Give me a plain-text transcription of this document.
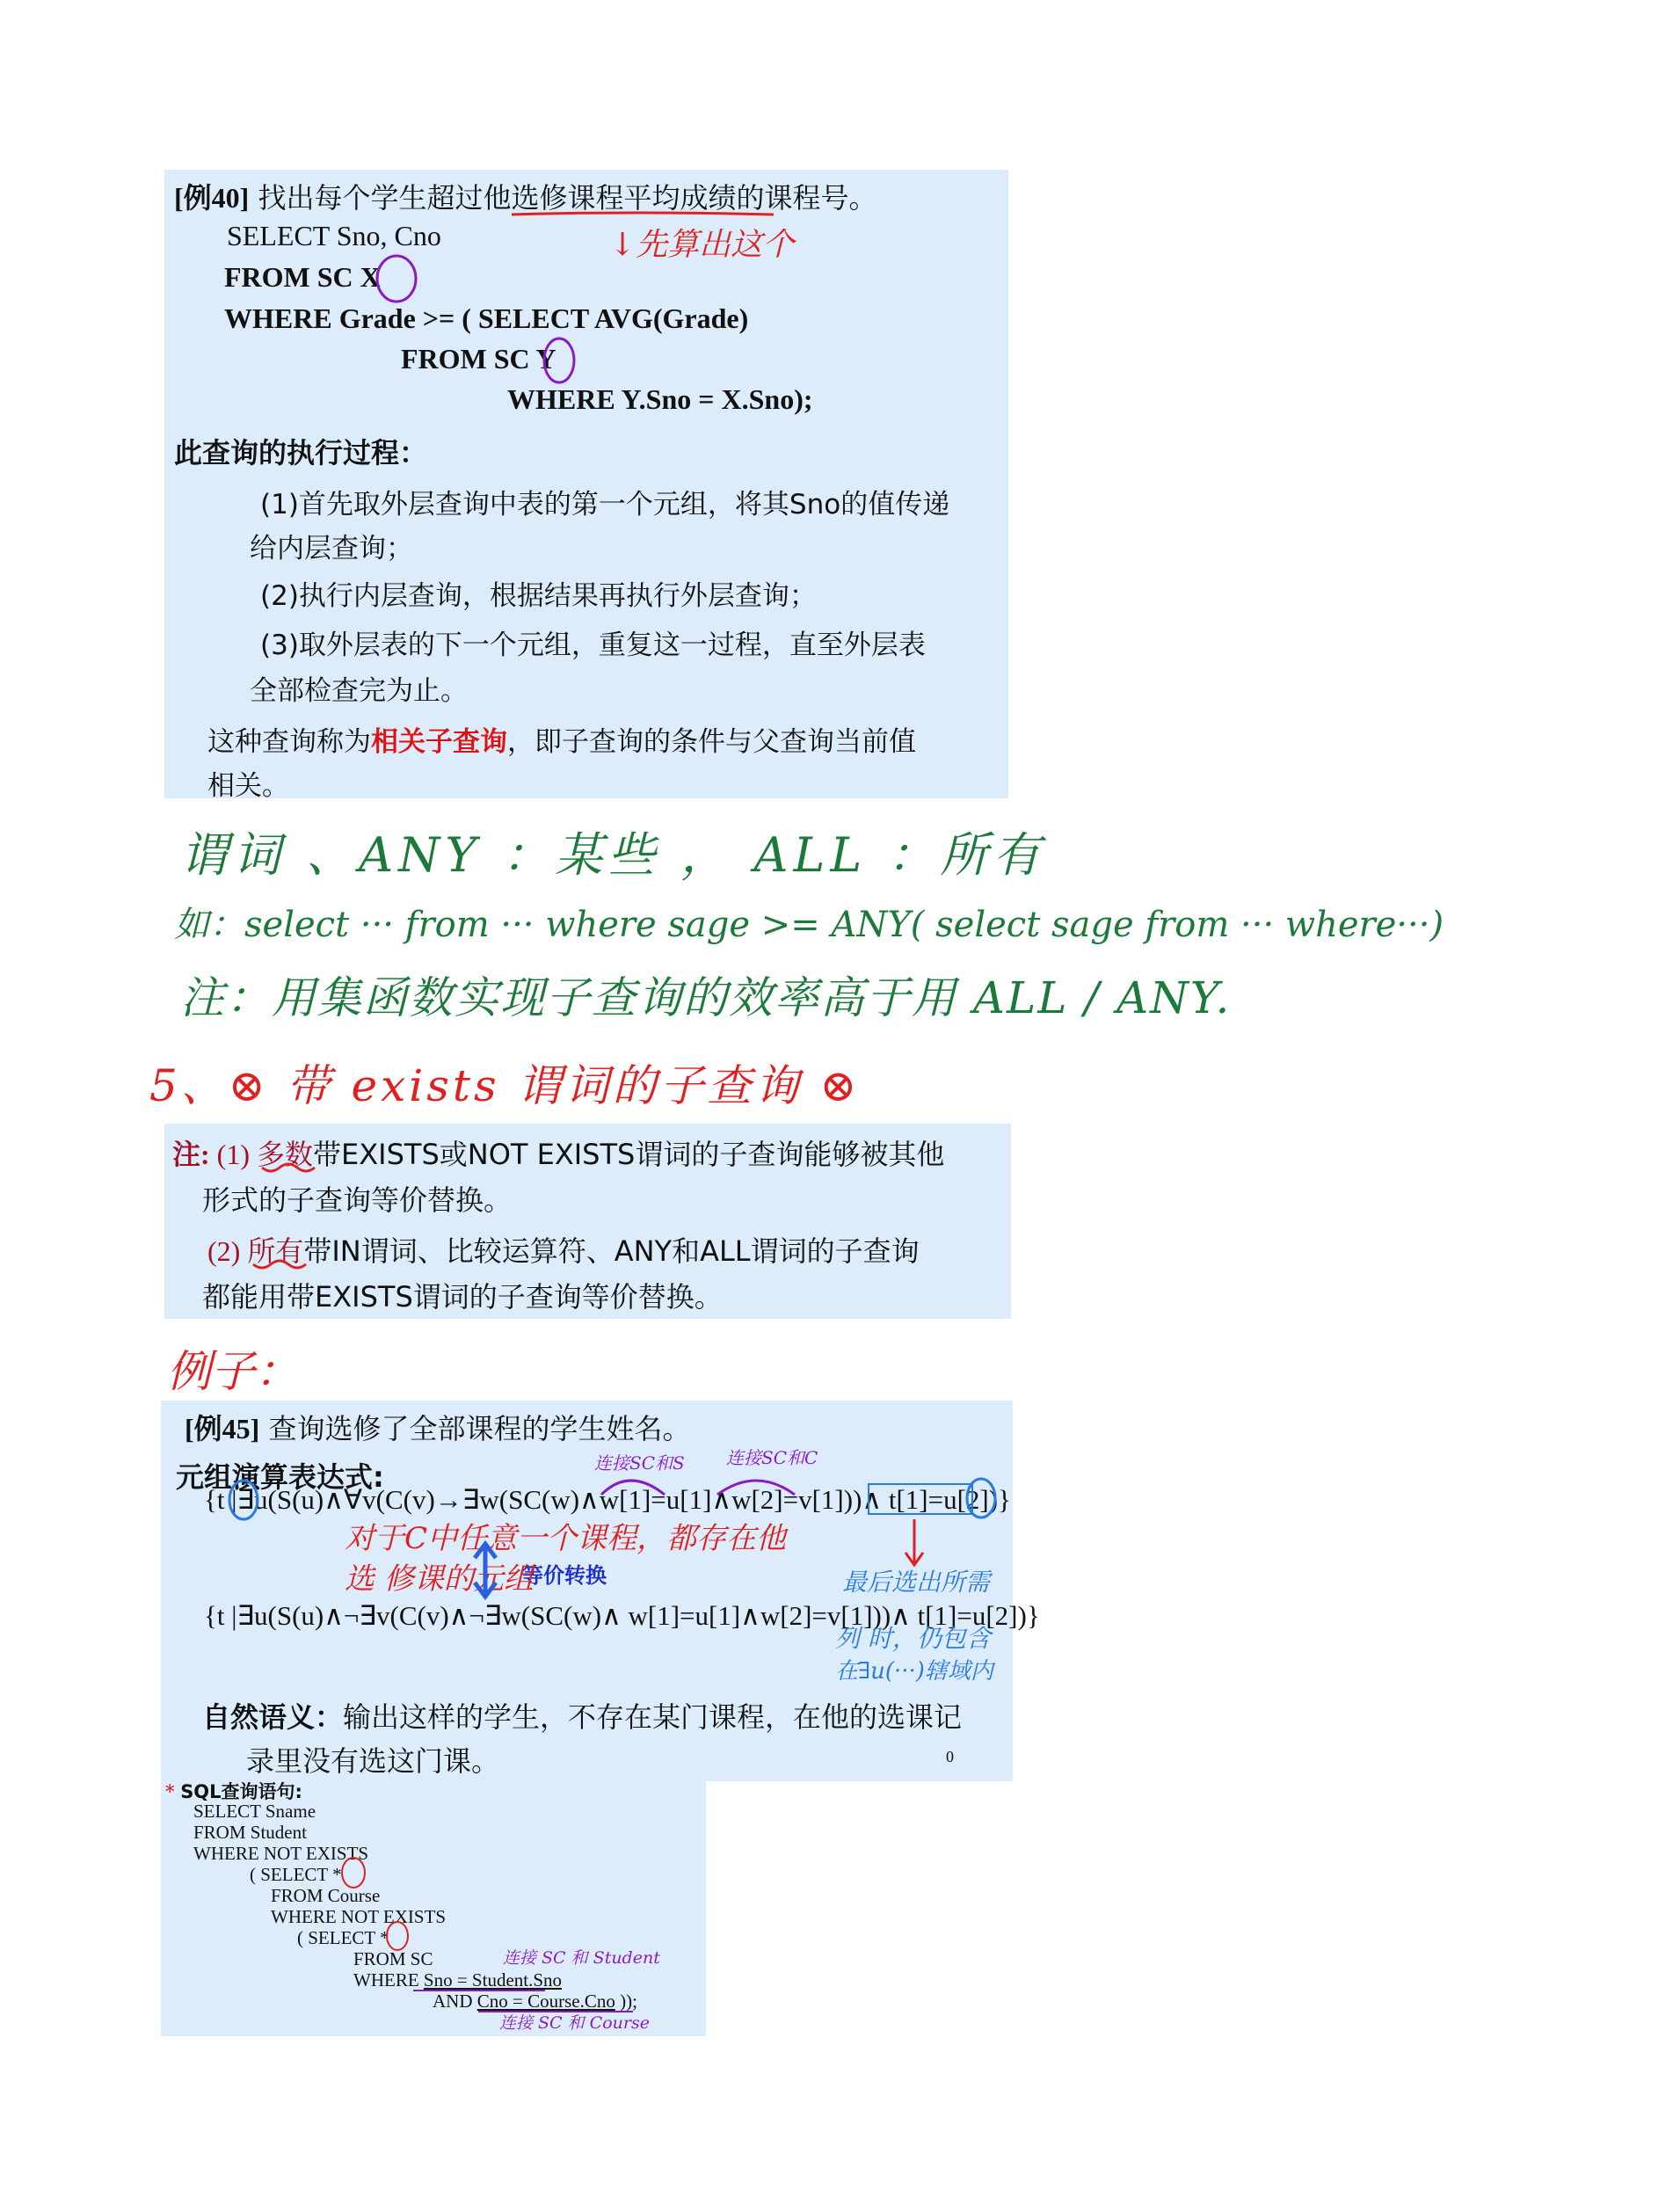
[例40] 找出每个学生超过他选修课程平均成绩的课程号。
SELECT Sno, Cno
FROM SC X
WHERE Grade >= ( SELECT AVG(Grade)
FROM SC Y
WHERE Y.Sno = X.Sno);
此查询的执行过程：
(1)首先取外层查询中表的第一个元组，将其Sno的值传递
给内层查询；
(2)执行内层查询，根据结果再执行外层查询；
(3)取外层表的下一个元组，重复这一过程，直至外层表
全部检查完为止。
这种查询称为相关子查询，即子查询的条件与父查询当前值
相关。
↓先算出这个
谓词 、ANY ：某些 ， ALL ：所有
如：select ··· from ··· where sage >= ANY( select sage from ··· where···)
注：用集函数实现子查询的效率高于用 ALL / ANY.
5、⊗ 带 exists 谓词的子查询 ⊗
注: (1) 多数带EXISTS或NOT EXISTS谓词的子查询能够被其他
形式的子查询等价替换。
(2) 所有带IN谓词、比较运算符、ANY和ALL谓词的子查询
都能用带EXISTS谓词的子查询等价替换。
例子：
[例45] 查询选修了全部课程的学生姓名。
元组演算表达式:
{t |∃u(S(u)∧∀v(C(v)→∃w(SC(w)∧w[1]=u[1]∧w[2]=v[1]))∧ t[1]=u[2])}
{t |∃u(S(u)∧¬∃v(C(v)∧¬∃w(SC(w)∧ w[1]=u[1]∧w[2]=v[1]))∧ t[1]=u[2])}
等价转换
自然语义：输出这样的学生，不存在某门课程，在他的选课记
录里没有选这门课。	0
连接SC和S 连接SC和C
对于C中任意一个课程，都存在他
选 修课的元组	最后选出所需
列 时，仍包含
在∃u(···)辖域内
* SQL查询语句:
SELECT Sname
FROM Student
WHERE NOT EXISTS
( SELECT *
FROM Course
WHERE NOT EXISTS
( SELECT *
FROM SC
WHERE Sno = Student.Sno
AND Cno = Course.Cno ));
连接 SC 和 Student
连接 SC 和 Course
